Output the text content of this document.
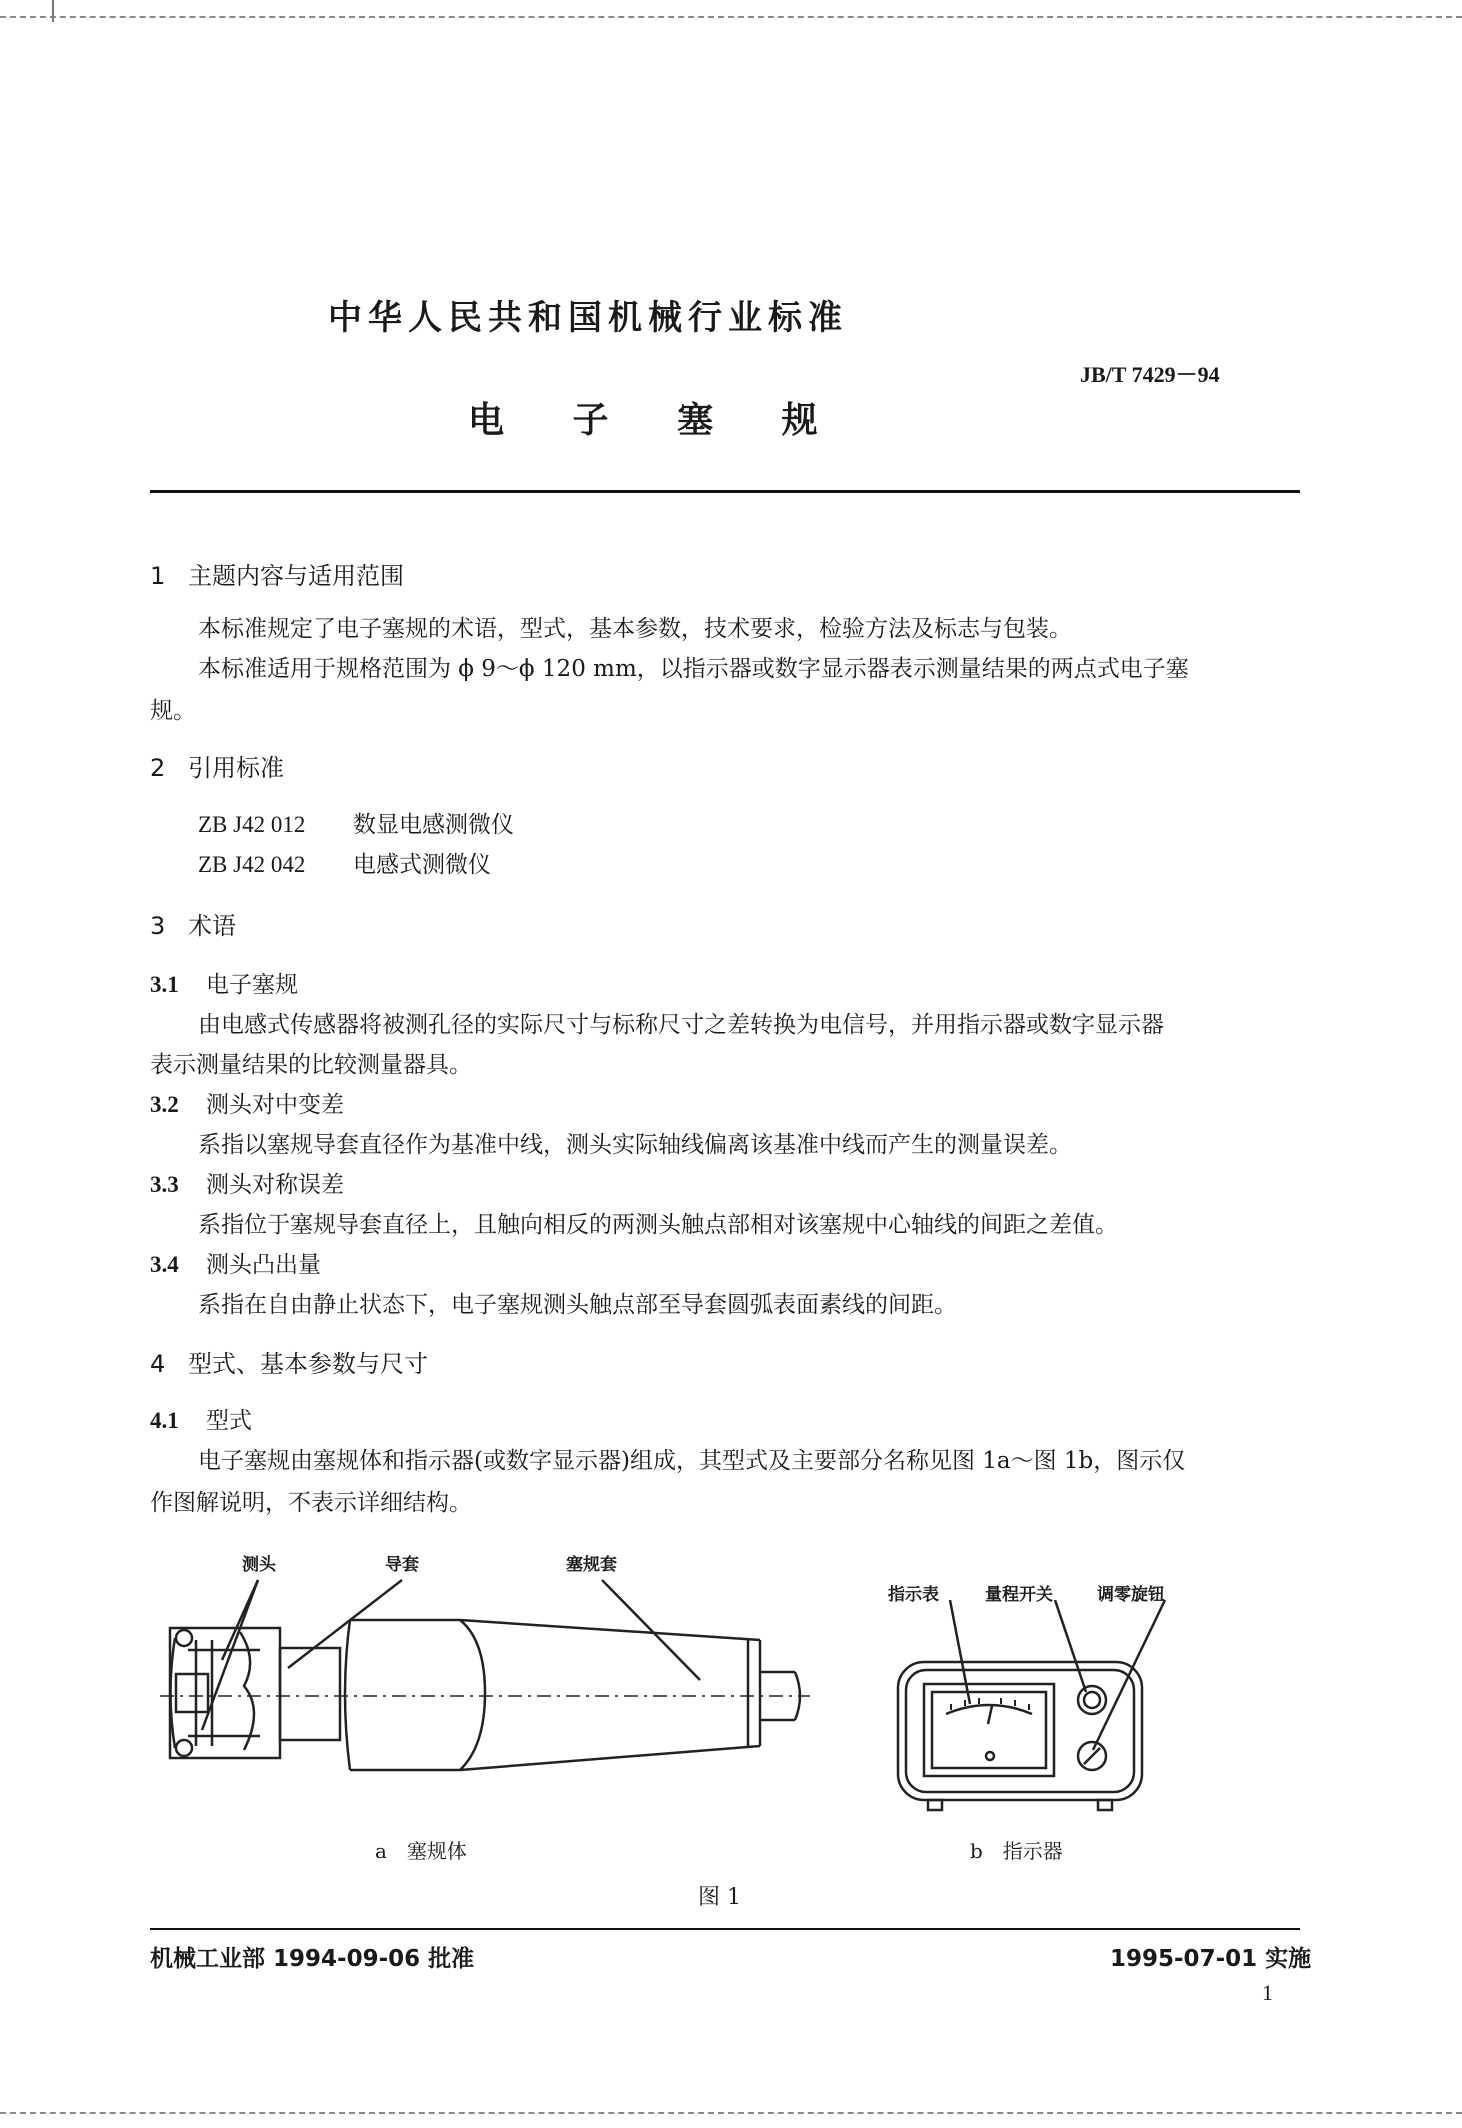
中华人民共和国机械行业标准
JB/T 7429－94
电 子 塞 规
1 主题内容与适用范围
本标准规定了电子塞规的术语，型式，基本参数，技术要求，检验方法及标志与包装。
本标准适用于规格范围为 ϕ 9～ϕ 120 mm，以指示器或数字显示器表示测量结果的两点式电子塞
规。
2 引用标准
ZB J42 012 数显电感测微仪
ZB J42 042 电感式测微仪
3 术语
3.1 电子塞规
由电感式传感器将被测孔径的实际尺寸与标称尺寸之差转换为电信号，并用指示器或数字显示器
表示测量结果的比较测量器具。
3.2 测头对中变差
系指以塞规导套直径作为基准中线，测头实际轴线偏离该基准中线而产生的测量误差。
3.3 测头对称误差
系指位于塞规导套直径上，且触向相反的两测头触点部相对该塞规中心轴线的间距之差值。
3.4 测头凸出量
系指在自由静止状态下，电子塞规测头触点部至导套圆弧表面素线的间距。
4 型式、基本参数与尺寸
4.1 型式
电子塞规由塞规体和指示器(或数字显示器)组成，其型式及主要部分名称见图 1a～图 1b，图示仅
作图解说明，不表示详细结构。
测头	导套	塞规套
a　塞规体
指示表	量程开关	调零旋钮
b　指示器
图 1
机械工业部 1994-09-06 批准	1995-07-01 实施
1
